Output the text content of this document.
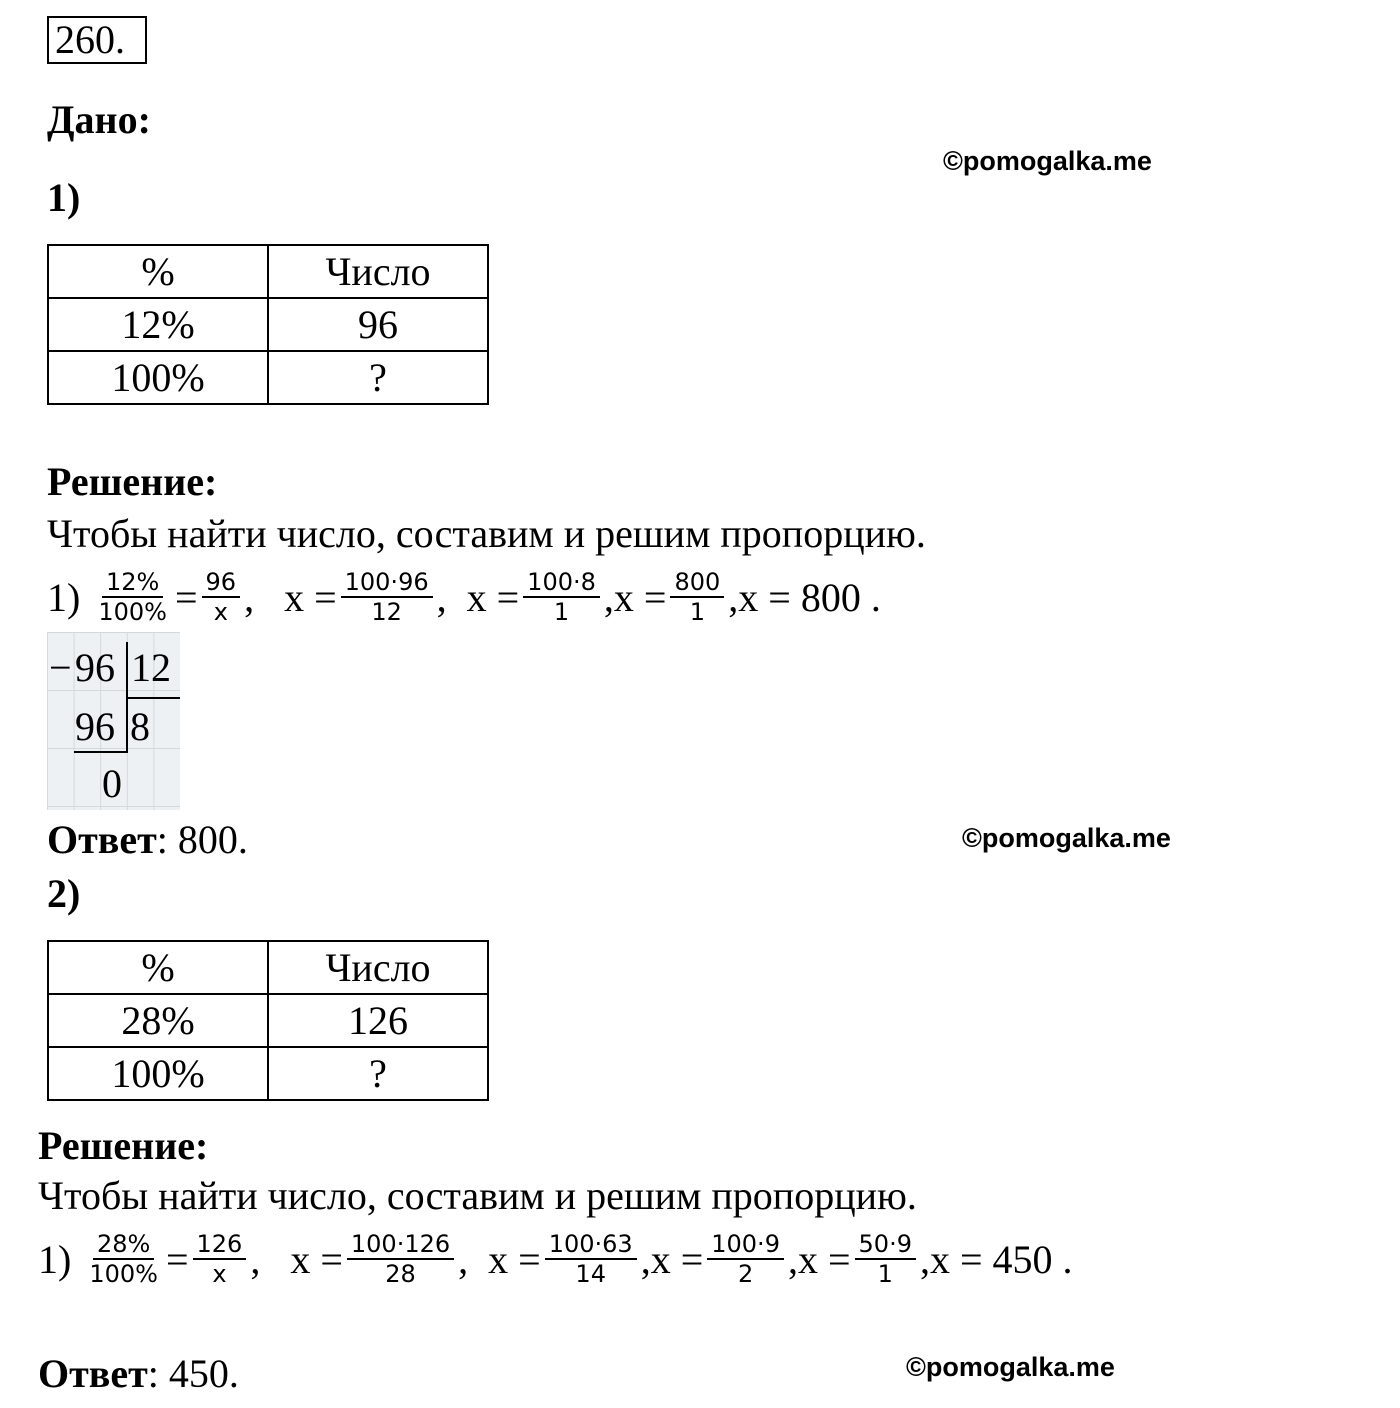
260.
Дано:
©pomogalka.me
1)
%	Число
12%	96
100%	?
Решение:
Чтобы найти число, составим и решим пропорцию.
1)
$\frac{12\%}{100\%} = \frac{96}{x}$ ,   $x = \frac{100\cdot 96}{12}$ ,  $x = \frac{100\cdot 8}{1} ,x = \frac{800}{1} ,x = 800$ .
− 96 12
96 8
0
Ответ: 800.	©pomogalka.me
2)
%	Число
28%	126
100%	?
Решение:
Чтобы найти число, составим и решим пропорцию.
1)
$\frac{28\%}{100\%} = \frac{126}{x}$ ,   $x = \frac{100\cdot 126}{28}$ ,  $x = \frac{100\cdot 63}{14} ,x = \frac{100\cdot 9}{2} ,x = \frac{50\cdot 9}{1} ,x = 450$ .
Ответ: 450.	©pomogalka.me
